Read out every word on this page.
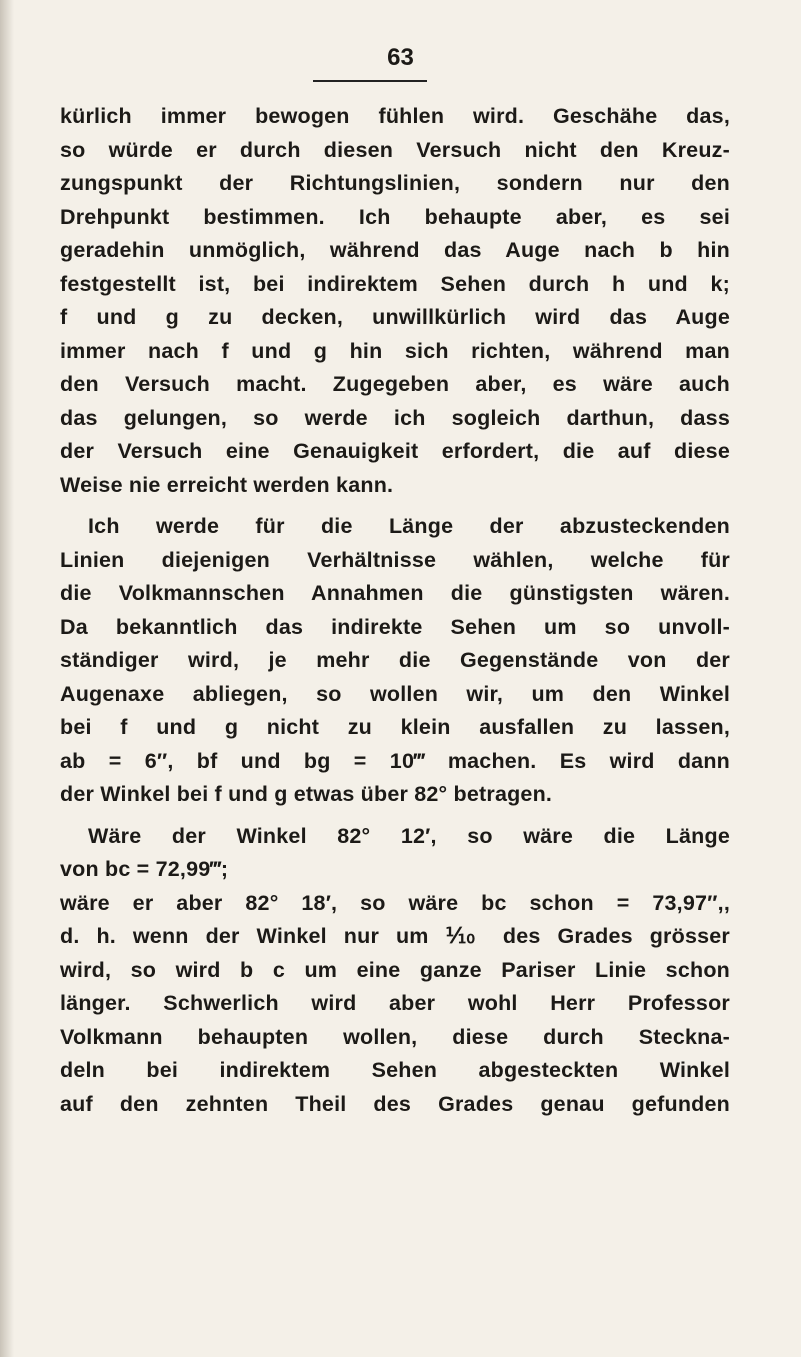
63

kürlich immer bewogen fühlen wird. Geschähe das,
so würde er durch diesen Versuch nicht den Kreuz-
zungspunkt der Richtungslinien, sondern nur den
Drehpunkt bestimmen. Ich behaupte aber, es sei
geradehin unmöglich, während das Auge nach b hin
festgestellt ist, bei indirektem Sehen durch h und k;
f und g zu decken, unwillkürlich wird das Auge
immer nach f und g hin sich richten, während man
den Versuch macht. Zugegeben aber, es wäre auch
das gelungen, so werde ich sogleich darthun, dass
der Versuch eine Genauigkeit erfordert, die auf diese
Weise nie erreicht werden kann.

Ich werde für die Länge der abzusteckenden
Linien diejenigen Verhältnisse wählen, welche für
die Volkmannschen Annahmen die günstigsten wären.
Da bekanntlich das indirekte Sehen um so unvoll-
ständiger wird, je mehr die Gegenstände von der
Augenaxe abliegen, so wollen wir, um den Winkel
bei f und g nicht zu klein ausfallen zu lassen,
ab = 6″, bf und bg = 10‴ machen. Es wird dann
der Winkel bei f und g etwas über 82° betragen.

Wäre der Winkel 82° 12′, so wäre die Länge
von bc = 72,99‴;
wäre er aber 82° 18′, so wäre bc schon = 73,97″,,
d. h. wenn der Winkel nur um ⅒ des Grades grösser
wird, so wird b c um eine ganze Pariser Linie schon
länger. Schwerlich wird aber wohl Herr Professor
Volkmann behaupten wollen, diese durch Steckna-
deln bei indirektem Sehen abgesteckten Winkel
auf den zehnten Theil des Grades genau gefunden
